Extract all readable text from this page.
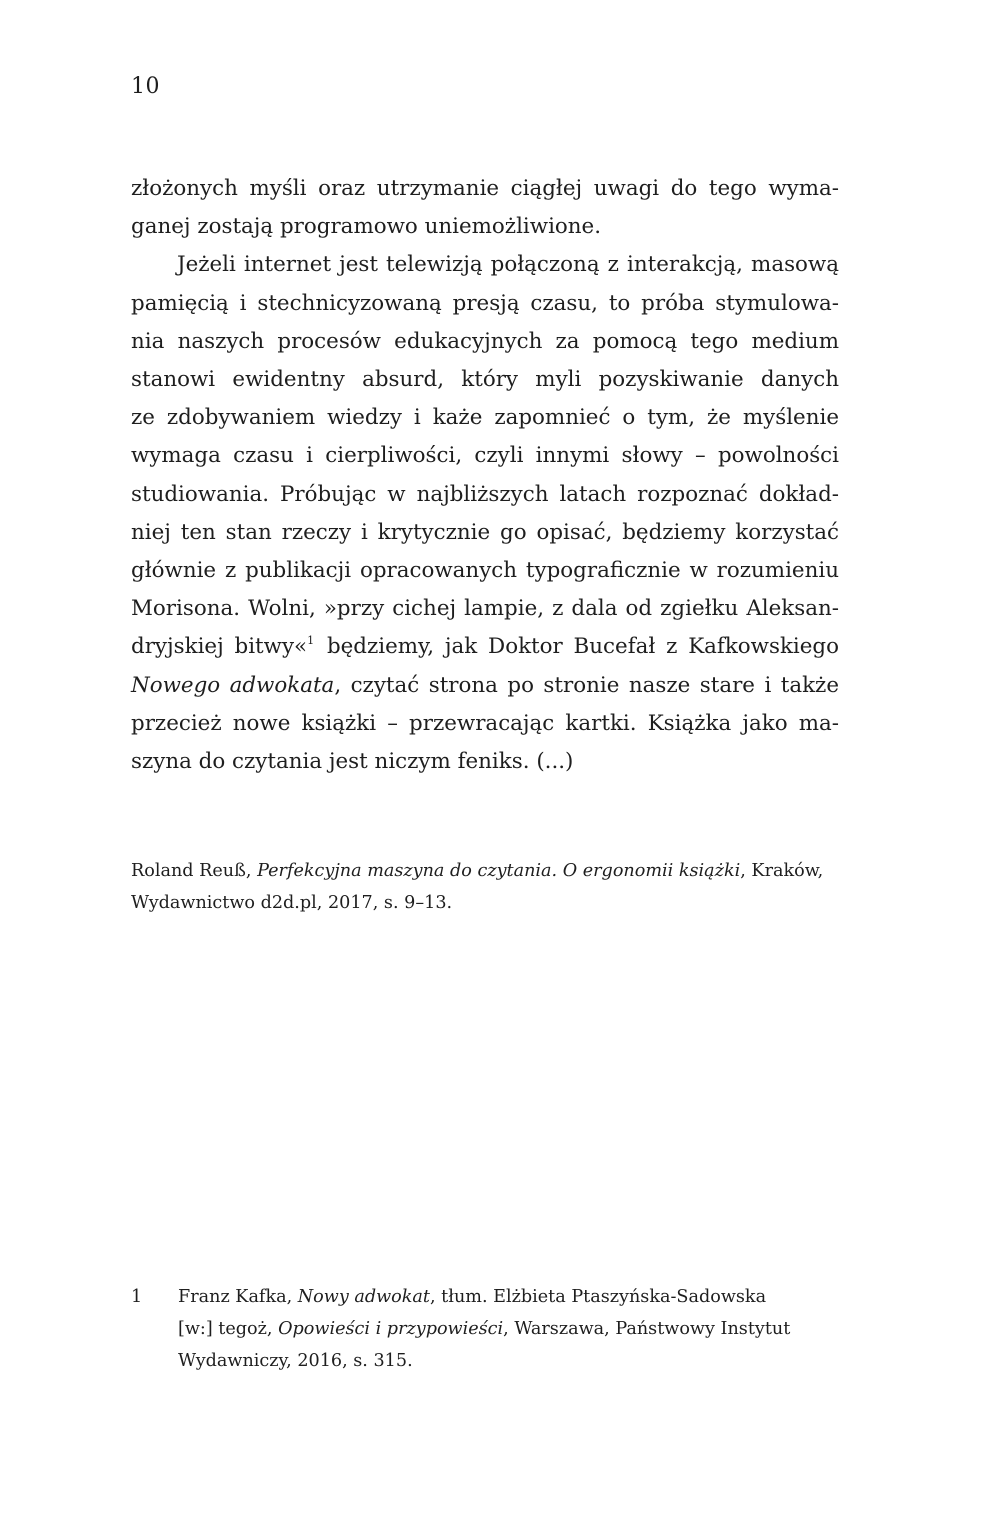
10
złożonych myśli oraz utrzymanie ciągłej uwagi do tego wyma-
ganej zostają programowo uniemożliwione.
Jeżeli internet jest telewizją połączoną z interakcją, masową
pamięcią i stechnicyzowaną presją czasu, to próba stymulowa-
nia naszych procesów edukacyjnych za pomocą tego medium
stanowi ewidentny absurd, który myli pozyskiwanie danych
ze zdobywaniem wiedzy i każe zapomnieć o tym, że myślenie
wymaga czasu i cierpliwości, czyli innymi słowy – powolności
studiowania. Próbując w najbliższych latach rozpoznać dokład-
niej ten stan rzeczy i krytycznie go opisać, będziemy korzystać
głównie z publikacji opracowanych typograficznie w rozumieniu
Morisona. Wolni, »przy cichej lampie, z dala od zgiełku Aleksan-
dryjskiej bitwy«$^1$ będziemy, jak Doktor Bucefał z Kafkowskiego
Nowego adwokata, czytać strona po stronie nasze stare i także
przecież nowe książki – przewracając kartki. Książka jako ma-
szyna do czytania jest niczym feniks. (...)
Roland Reuß, Perfekcyjna maszyna do czytania. O ergonomii książki, Kraków,
Wydawnictwo d2d.pl, 2017, s. 9–13.
1 Franz Kafka, Nowy adwokat, tłum. Elżbieta Ptaszyńska-Sadowska
[w:] tegoż, Opowieści i przypowieści, Warszawa, Państwowy Instytut
Wydawniczy, 2016, s. 315.
